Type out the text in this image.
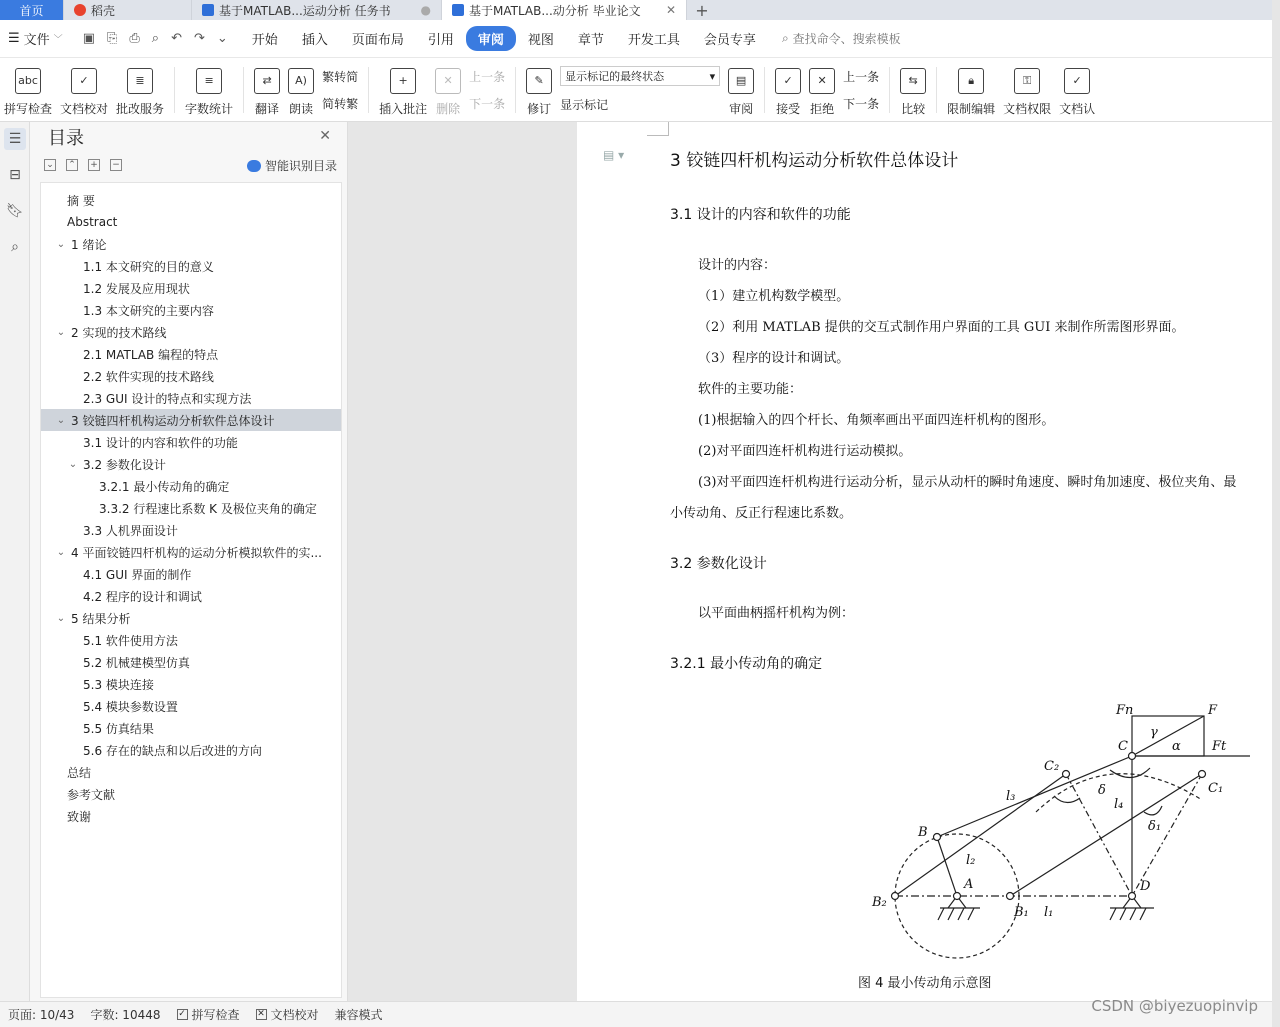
首页	稻壳	基于MATLAB...运动分析 任务书 ●	基于MATLAB...动分析 毕业论文 ✕	+
☰ 文件 ﹀ ▣ ⎘ ⎙ ⌕ ↶ ↷ ⌄	开始	插入	页面布局	引用	审阅	视图	章节	开发工具	会员专享	⌕ 查找命令、搜索模板
abc
拼写检查
✓
文档校对
≣
批改服务
≡
字数统计
⇄
翻译
A)
朗读
繁转简
简转繁
+
插入批注
✕
删除
上一条
下一条
✎
修订
显示标记的最终状态	▾
显示标记
▤
审阅
✓
接受
✕
拒绝
上一条
下一条
⇆
比较
🔒︎
限制编辑
⚿
文档权限
✓
文档认
☰
⊟
🔖︎
⌕
目录	✕
⌄ ⌃ + −	智能识别目录
摘 要
Abstract
⌄ 1 绪论
1.1 本文研究的目的意义
1.2 发展及应用现状
1.3 本文研究的主要内容
⌄ 2 实现的技术路线
2.1 MATLAB 编程的特点
2.2 软件实现的技术路线
2.3 GUI 设计的特点和实现方法
⌄ 3 铰链四杆机构运动分析软件总体设计
3.1 设计的内容和软件的功能
⌄ 3.2 参数化设计
3.2.1 最小传动角的确定
3.3.2 行程速比系数 K 及极位夹角的确定
3.3 人机界面设计
⌄ 4 平面铰链四杆机构的运动分析模拟软件的实...
4.1 GUI 界面的制作
4.2 程序的设计和调试
⌄ 5 结果分析
5.1 软件使用方法
5.2 机械建模型仿真
5.3 模块连接
5.4 模块参数设置
5.5 仿真结果
5.6 存在的缺点和以后改进的方向
总结
参考文献
致谢
▤ ▾	3 铰链四杆机构运动分析软件总体设计
3.1 设计的内容和软件的功能
设计的内容：
（1）建立机构数学模型。
（2）利用 MATLAB 提供的交互式制作用户界面的工具 GUI 来制作所需图形界面。
（3）程序的设计和调试。
软件的主要功能：
(1)根据输入的四个杆长、角频率画出平面四连杆机构的图形。
(2)对平面四连杆机构进行运动模拟。
(3)对平面四连杆机构进行运动分析，显示从动杆的瞬时角速度、瞬时角加速度、极位夹角、最
小传动角、反正行程速比系数。
3.2 参数化设计
以平面曲柄摇杆机构为例：
3.2.1 最小传动角的确定
Fn	F
Ft
C
γ
α
C₁
C₂
l₃	δ
l₄
δ₁
B
l₂
A
B₂
B₁ l₁
D
图 4 最小传动角示意图
页面: 10/43	字数: 10448	✓ 拼写检查 ✕ 文档校对	兼容模式	CSDN @biyezuopinvip
